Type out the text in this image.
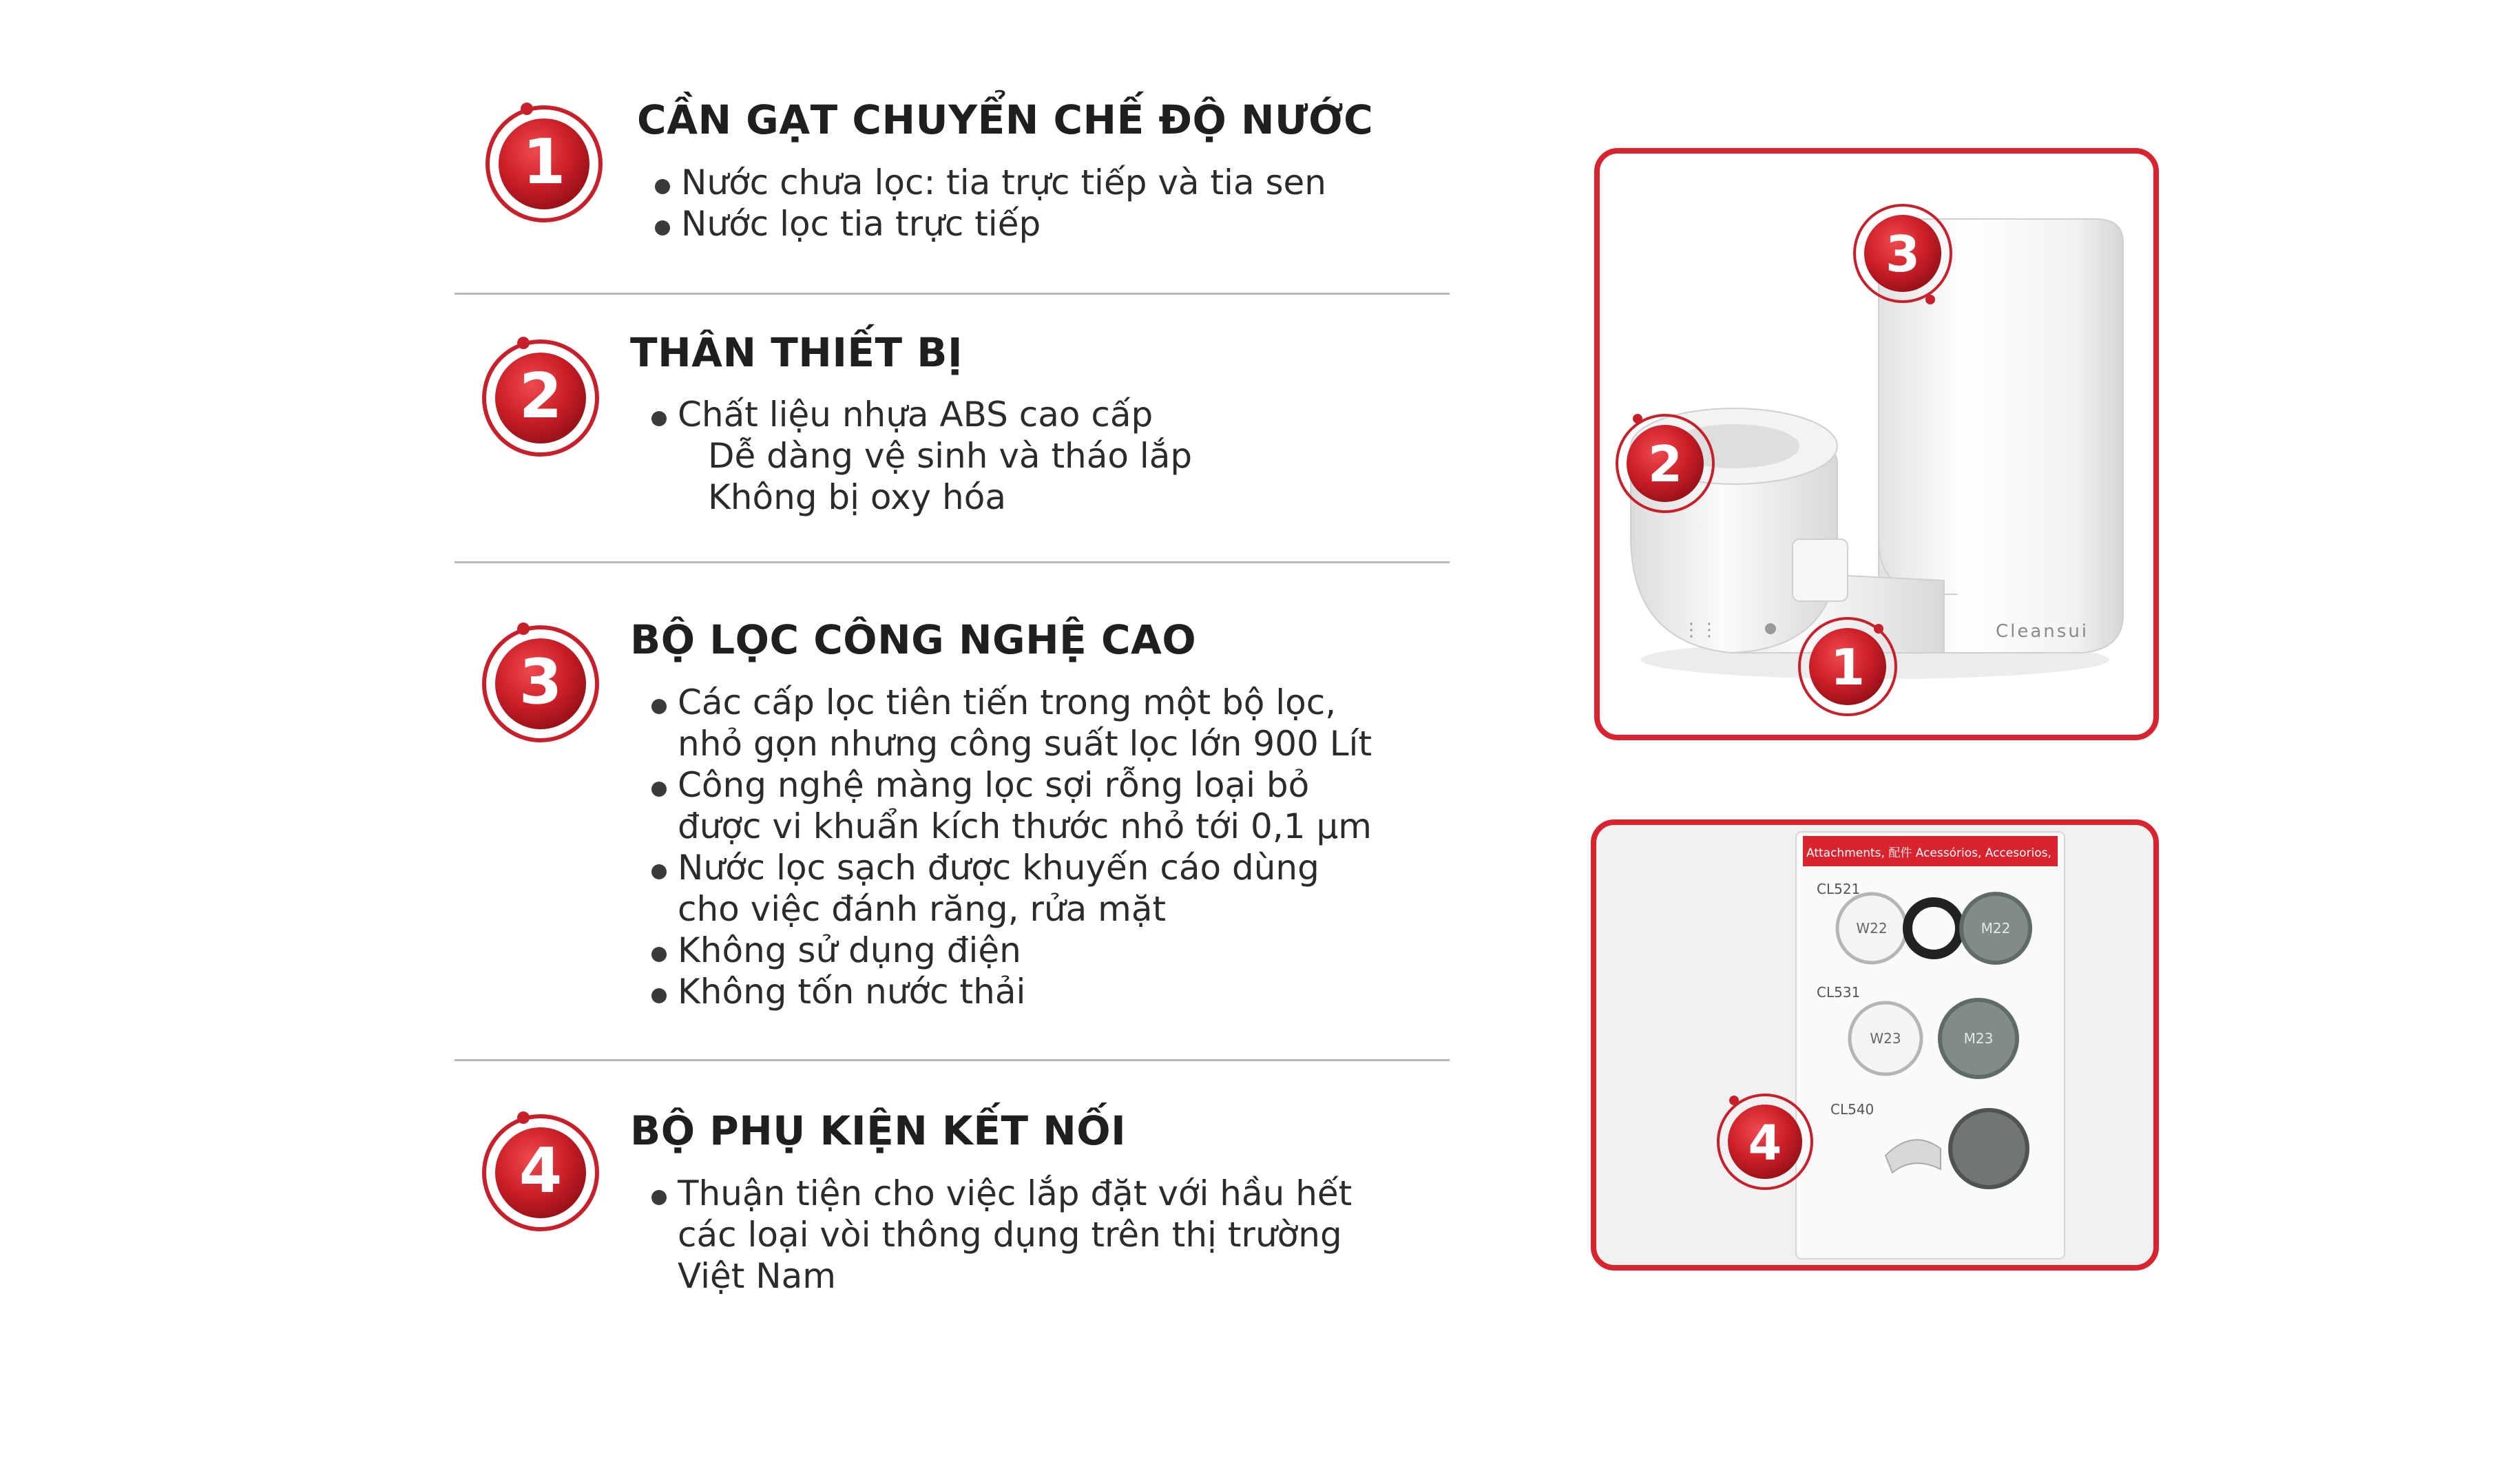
1
CẦN GẠT CHUYỂN CHẾ ĐỘ NƯỚC
Nước chưa lọc: tia trực tiếp và tia sen
Nước lọc tia trực tiếp
2
THÂN THIẾT BỊ
Chất liệu nhựa ABS cao cấp
Dễ dàng vệ sinh và tháo lắp
Không bị oxy hóa
3
BỘ LỌC CÔNG NGHỆ CAO
Các cấp lọc tiên tiến trong một bộ lọc,
nhỏ gọn nhưng công suất lọc lớn 900 Lít
Công nghệ màng lọc sợi rỗng loại bỏ
được vi khuẩn kích thước nhỏ tới 0,1 µm
Nước lọc sạch được khuyến cáo dùng
cho việc đánh răng, rửa mặt
Không sử dụng điện
Không tốn nước thải
4
BỘ PHỤ KIỆN KẾT NỐI
Thuận tiện cho việc lắp đặt với hầu hết
các loại vòi thông dụng trên thị trường
Việt Nam
Cleansui
⋮⋮
3
2
1
Attachments, 配件 Acessórios, Accesorios,
CL521
W22	M22
CL531
W23	M23
CL540
4
